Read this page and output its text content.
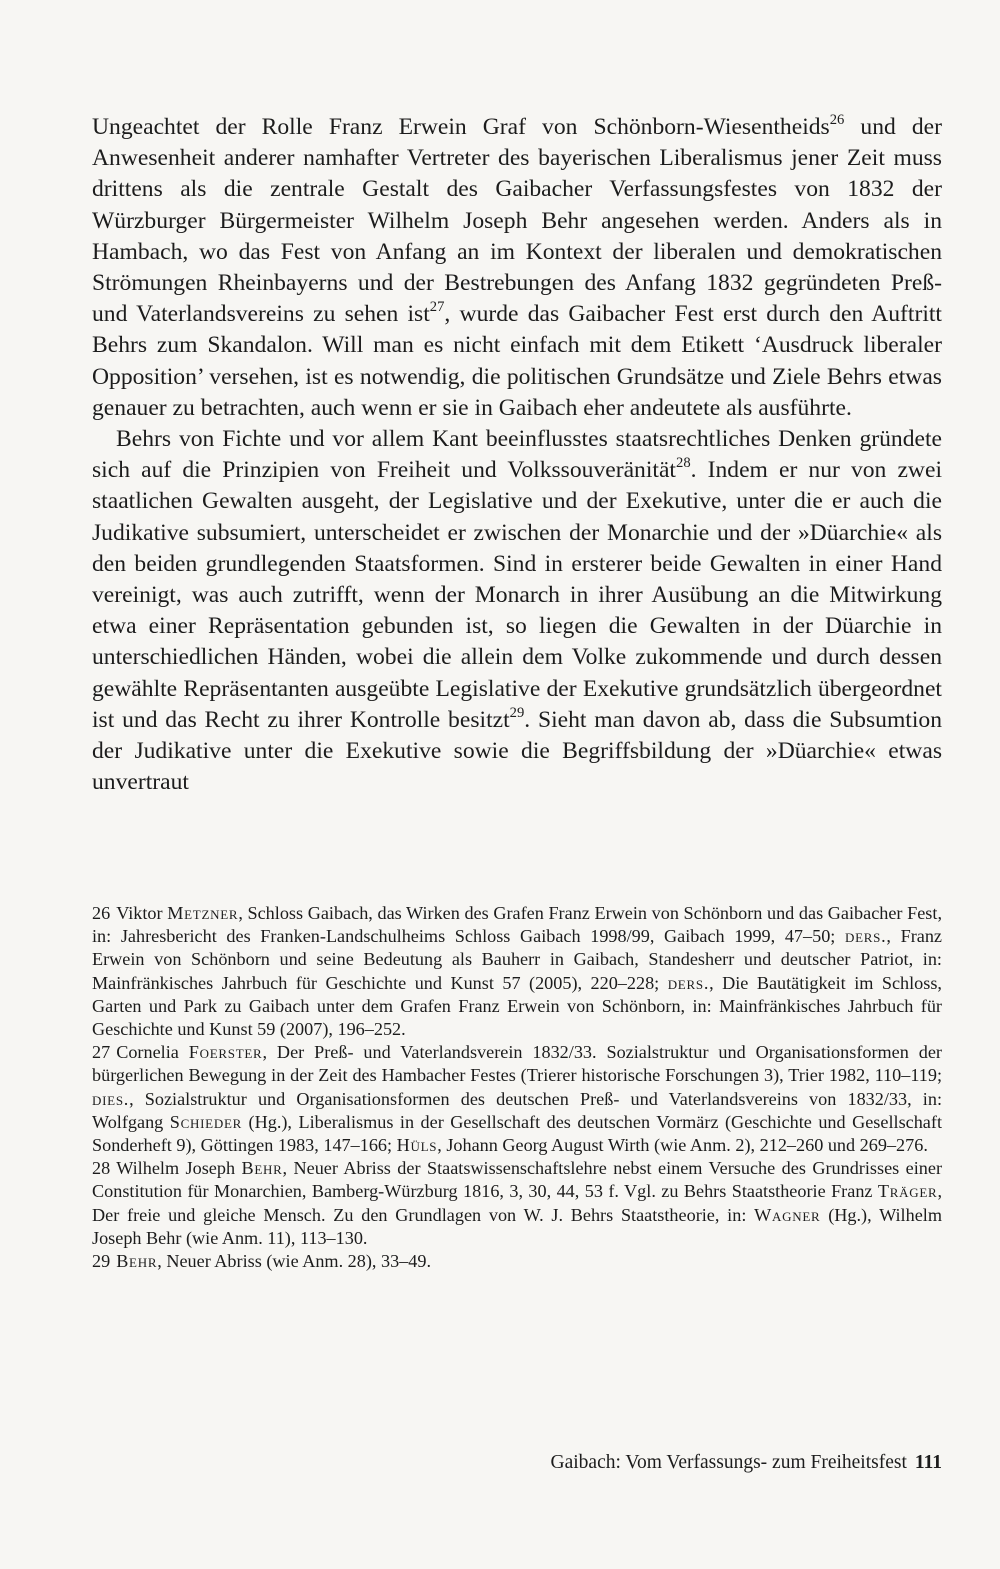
Ungeachtet der Rolle Franz Erwein Graf von Schönborn-Wiesentheids$^{26}$ und der Anwesenheit anderer namhafter Vertreter des bayerischen Liberalismus jener Zeit muss drittens als die zentrale Gestalt des Gaibacher Verfassungsfestes von 1832 der Würzburger Bürgermeister Wilhelm Joseph Behr angesehen werden. Anders als in Hambach, wo das Fest von Anfang an im Kontext der liberalen und demokratischen Strömungen Rheinbayerns und der Bestrebungen des Anfang 1832 gegründeten Preß- und Vaterlandsvereins zu sehen ist$^{27}$, wurde das Gaibacher Fest erst durch den Auftritt Behrs zum Skandalon. Will man es nicht einfach mit dem Etikett ‘Ausdruck liberaler Opposition’ versehen, ist es notwendig, die politischen Grundsätze und Ziele Behrs etwas genauer zu betrachten, auch wenn er sie in Gaibach eher andeutete als ausführte.

Behrs von Fichte und vor allem Kant beeinflusstes staatsrechtliches Denken gründete sich auf die Prinzipien von Freiheit und Volkssouveränität$^{28}$. Indem er nur von zwei staatlichen Gewalten ausgeht, der Legislative und der Exekutive, unter die er auch die Judikative subsumiert, unterscheidet er zwischen der Monarchie und der »Düarchie« als den beiden grundlegenden Staatsformen. Sind in ersterer beide Gewalten in einer Hand vereinigt, was auch zutrifft, wenn der Monarch in ihrer Ausübung an die Mitwirkung etwa einer Repräsentation gebunden ist, so liegen die Gewalten in der Düarchie in unterschiedlichen Händen, wobei die allein dem Volke zukommende und durch dessen gewählte Repräsentanten ausgeübte Legislative der Exekutive grundsätzlich übergeordnet ist und das Recht zu ihrer Kontrolle besitzt$^{29}$. Sieht man davon ab, dass die Subsumtion der Judikative unter die Exekutive sowie die Begriffsbildung der »Düarchie« etwas unvertraut

26 Viktor Metzner, Schloss Gaibach, das Wirken des Grafen Franz Erwein von Schönborn und das Gaibacher Fest, in: Jahresbericht des Franken-Landschulheims Schloss Gaibach 1998/99, Gaibach 1999, 47–50; ders., Franz Erwein von Schönborn und seine Bedeutung als Bauherr in Gaibach, Standesherr und deutscher Patriot, in: Mainfränkisches Jahrbuch für Geschichte und Kunst 57 (2005), 220–228; ders., Die Bautätigkeit im Schloss, Garten und Park zu Gaibach unter dem Grafen Franz Erwein von Schönborn, in: Mainfränkisches Jahrbuch für Geschichte und Kunst 59 (2007), 196–252.

27 Cornelia Foerster, Der Preß- und Vaterlandsverein 1832/33. Sozialstruktur und Organisationsformen der bürgerlichen Bewegung in der Zeit des Hambacher Festes (Trierer historische Forschungen 3), Trier 1982, 110–119; dies., Sozialstruktur und Organisationsformen des deutschen Preß- und Vaterlandsvereins von 1832/33, in: Wolfgang Schieder (Hg.), Liberalismus in der Gesellschaft des deutschen Vormärz (Geschichte und Gesellschaft Sonderheft 9), Göttingen 1983, 147–166; Hüls, Johann Georg August Wirth (wie Anm. 2), 212–260 und 269–276.

28 Wilhelm Joseph Behr, Neuer Abriss der Staatswissenschaftslehre nebst einem Versuche des Grundrisses einer Constitution für Monarchien, Bamberg-Würzburg 1816, 3, 30, 44, 53 f. Vgl. zu Behrs Staatstheorie Franz Träger, Der freie und gleiche Mensch. Zu den Grundlagen von W. J. Behrs Staatstheorie, in: Wagner (Hg.), Wilhelm Joseph Behr (wie Anm. 11), 113–130.

29 Behr, Neuer Abriss (wie Anm. 28), 33–49.

Gaibach: Vom Verfassungs- zum Freiheitsfest 111
